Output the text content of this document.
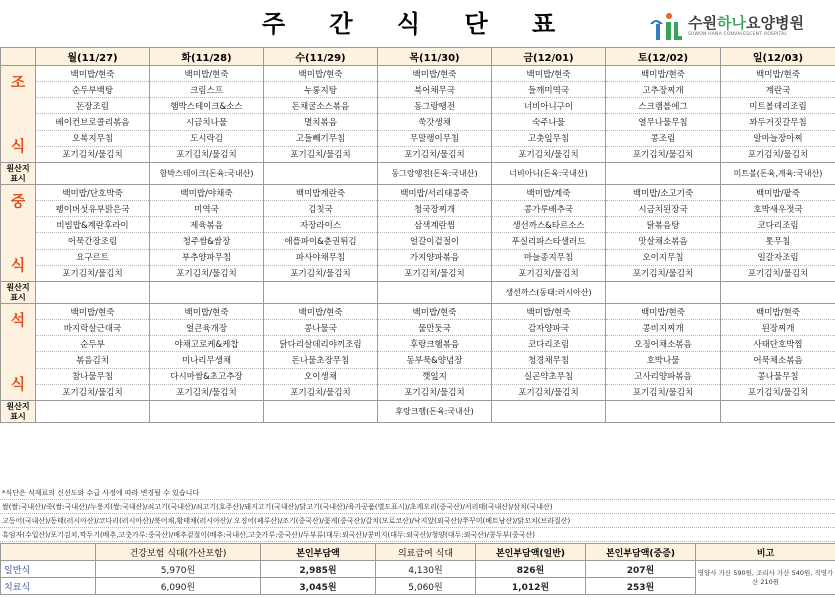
주 간 식 단 표	수원하나요양병원
SUWON HANA CONVALESCENT HOSPITAL
	월(11/27)	화(11/28)	수(11/29)	목(11/30)	금(12/01)	토(12/02)	일(12/03)
조

식	백미밥/현죽	백미밥/현죽	백미밥/현죽	백미밥/현죽	백미밥/현죽	백미밥/현죽	백미밥/현죽
	순두부백탕	크림스프	누룽지탕	북어채무국	들깨미역국	고추장찌개	계란국
	돈장조림	햄박스테이크&소스	돈채굴소스볶음	동그랑땡전	너비아니구이	스크램블에그	미트볼데리조림
	베이컨브로콜리볶음	시금치나물	멸치볶음	쑥갓생채	숙주나물	열무나물무침	꽈두거짓갈무침
	오복지무침	도시락김	고들빼기무침	무말랭이무침	고춧잎무침	콩조림	알마늘장아찌
	포기김치/물김치	포기김치/물김치	포기김치/물김치	포기김치/물김치	포기김치/물김치	포기김치/물김치	포기김치/물김치
원산지 표시		함박스테이크(돈육:국내산)		동그랑땡전(돈육:국내산)	너비아니(돈육:국내산)		미트볼(돈육,계육:국내산)
중

식	백미밥/단호박죽	백미밥/야채죽	백미밥계란죽	백미밥/서리태콩죽	백미밥/계죽	백미밥/소고기죽	백미밥/팥죽
	팽이버섯유부맑은국	미역국	김칫국	청국장찌개	콩가루배추국	시금치된장국	호박새우젓국
	비빔밥&계란후라이	제육볶음	자장라이스	삼색계란찜	생선까스&타르소스	닭볶음탕	코다리조림
	어묵간장조림	청주쌈&쌈장	애플파이&춘권튀김	얼갈이겉절이	푸실리파스타샐러드	맛살채소볶음	톳무침
	요구르트	부추양파무침	파사야채무침	가지양파볶음	마늘종지무침	오이지무침	일갈자조림
	포기김치/물김치	포기김치/물김치	포기김치/물김치	포기김치/물김치	포기김치/물김치	포기김치/물김치	포기김치/물김치
원산지 표시					생선까스(동태:러시아산)		
석

식	백미밥/현죽	백미밥/현죽	백미밥/현죽	백미밥/현죽	백미밥/현죽	백미밥/현죽	백미밥/현죽
	바지락살근대국	얼큰육개장	콩나물국	물만둣국	감자양파국	콩비지찌개	된장찌개
	순두부	야채고로케&케찹	닭다리살데리야끼조림	후랑크햄볶음	코다리조림	오징어채소볶음	사태단호박찜
	볶음김치	미나리무생채	돈나물초장무침	동부묵&양념장	청경채무침	호박나물	어묵채소볶음
	참나물무침	다시마쌈&초고추장	오이생채	깻잎지	실곤약초무침	고사리양파볶음	콩나물무침
	포기김치/물김치	포기김치/물김치	포기김치/물김치	포기김치/물김치	포기김치/물김치	포기김치/물김치	포기김치/물김치
원산지 표시				후랑크햄(돈육:국내산)			
*식단은 식재료의 신선도와 수급 사정에 따라 변경될 수 있습니다
쌀(쌀:국내산)/죽(쌀:국내산)/누룽지(쌀:국내산)/쇠고기(국내산)/쇠고기(호주산)/돼지고기(국내산)/닭고기(국내산)/육가공품(별도표시)/초계오리(중국산)/서리태(국내산)/삼치(국내산)
고등어(국내산)/동태(러시아산)/코다리(러시아산)/북어채,황태채(러시아산)/ 오징어(페루산)/조기(중국산)/꽃게(중국산)/갈치(모로코산)/낙지앞(외국산)/쭈꾸미(베트남산)/닭꼬치(브라질산)
흑임자(수입산)/포기김치,깍두기(배추,고춧가루:중국산)/배추겉절이(배추:국내산,고춧가루:중국산)/두부류(대두:외국산)/콩비지(대두:외국산)/청양(대두:외국산)/콩두부(중국산)
	건강보험 식대(가산포함)	본인부담액	의료급여 식대	본인부담액(일반)	본인부담액(중증)	비고
일반식	5,970원	2,985원	4,130원	826원	207원	영양사 가산 590원, 조리사 가산 540원, 직영가산 210원
치료식	6,090원	3,045원	5,060원	1,012원	253원	
